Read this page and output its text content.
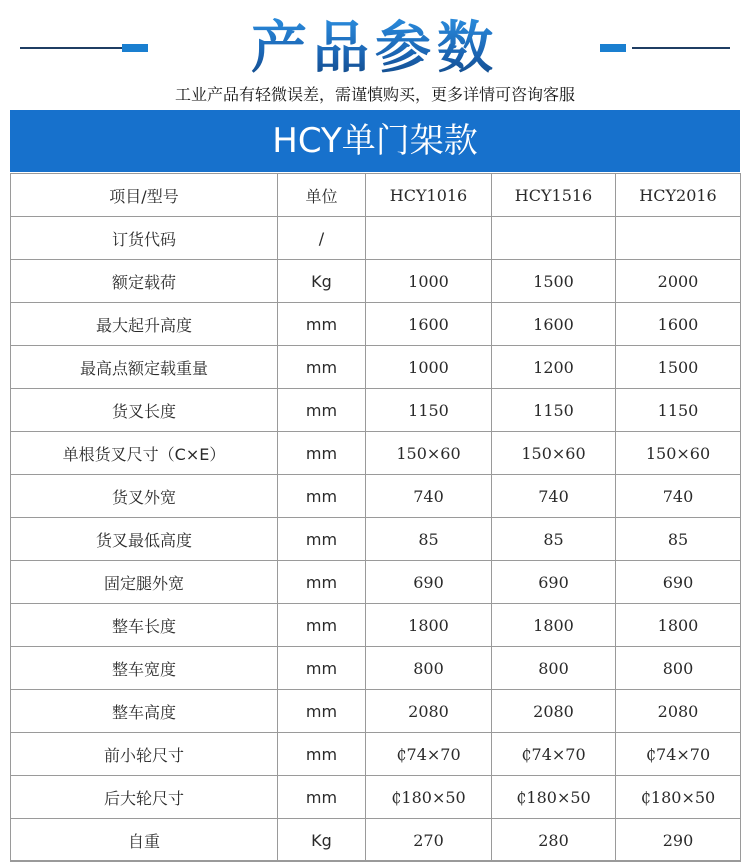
产品参数
工业产品有轻微误差，需谨慎购买，更多详情可咨询客服
HCY单门架款
项目/型号	单位	HCY1016	HCY1516	HCY2016
订货代码	/			
额定载荷	Kg	1000	1500	2000
最大起升高度	mm	1600	1600	1600
最高点额定载重量	mm	1000	1200	1500
货叉长度	mm	1150	1150	1150
单根货叉尺寸（C×E）	mm	150×60	150×60	150×60
货叉外宽	mm	740	740	740
货叉最低高度	mm	85	85	85
固定腿外宽	mm	690	690	690
整车长度	mm	1800	1800	1800
整车宽度	mm	800	800	800
整车高度	mm	2080	2080	2080
前小轮尺寸	mm	₵74×70	₵74×70	₵74×70
后大轮尺寸	mm	₵180×50	₵180×50	₵180×50
自重	Kg	270	280	290
